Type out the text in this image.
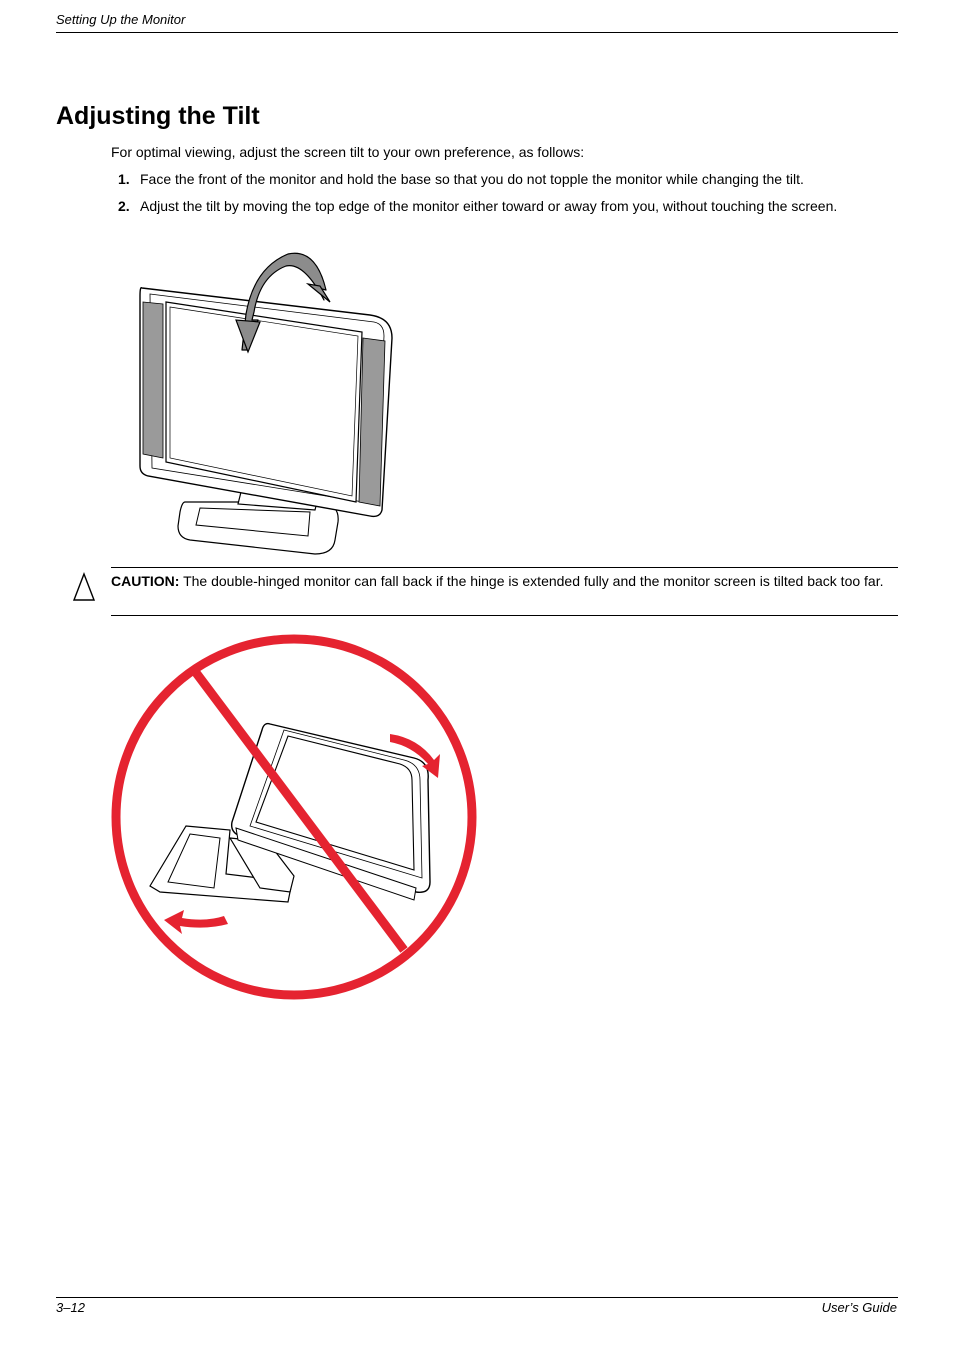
Setting Up the Monitor
Adjusting the Tilt

For optimal viewing, adjust the screen tilt to your own preference, as follows:

1. Face the front of the monitor and hold the base so that you do not topple the monitor while changing the tilt.
2. Adjust the tilt by moving the top edge of the monitor either toward or away from you, without touching the screen.
CAUTION: The double-hinged monitor can fall back if the hinge is extended fully and the monitor screen is tilted back too far.
3–12	User’s Guide
